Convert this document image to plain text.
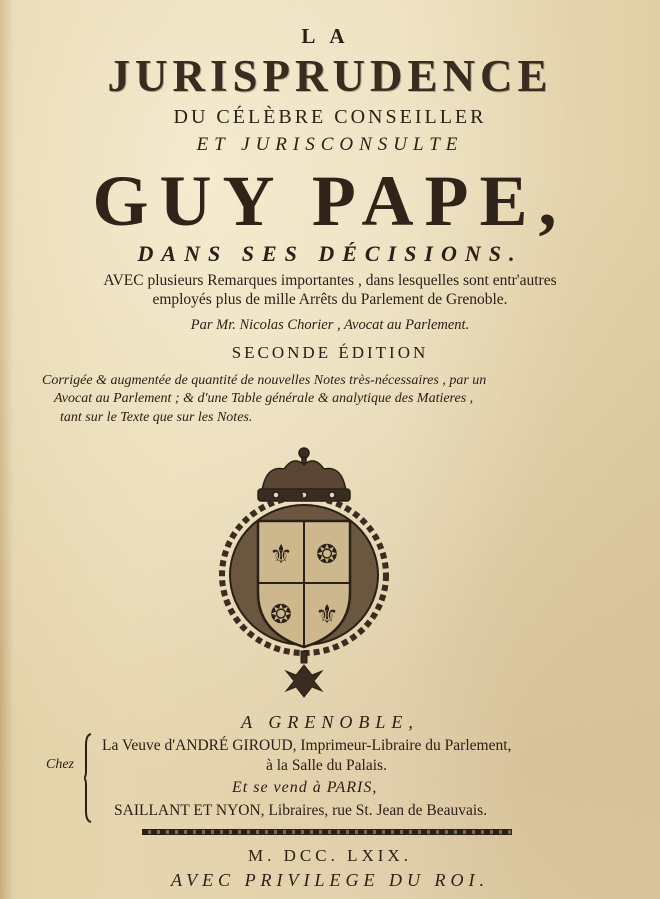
LA
JURISPRUDENCE
DU CÉLÈBRE CONSEILLER
ET JURISCONSULTE
GUY PAPE,
DANS SES DÉCISIONS.
AVEC plusieurs Remarques importantes , dans lesquelles sont entr'autres
employés plus de mille Arrêts du Parlement de Grenoble.
Par Mr. Nicolas Chorier , Avocat au Parlement.
SECONDE ÉDITION
Corrigée & augmentée de quantité de nouvelles Notes très-nécessaires , par un
Avocat au Parlement ; & d'une Table générale & analytique des Matieres ,
tant sur le Texte que sur les Notes.
⚜ ❂
❂ ⚜
A GRENOBLE,
Chez
La Veuve d'ANDRÉ GIROUD, Imprimeur-Libraire du Parlement,
à la Salle du Palais.
Et se vend à PARIS,
SAILLANT ET NYON, Libraires, rue St. Jean de Beauvais.
M. DCC. LXIX.
AVEC PRIVILEGE DU ROI.
